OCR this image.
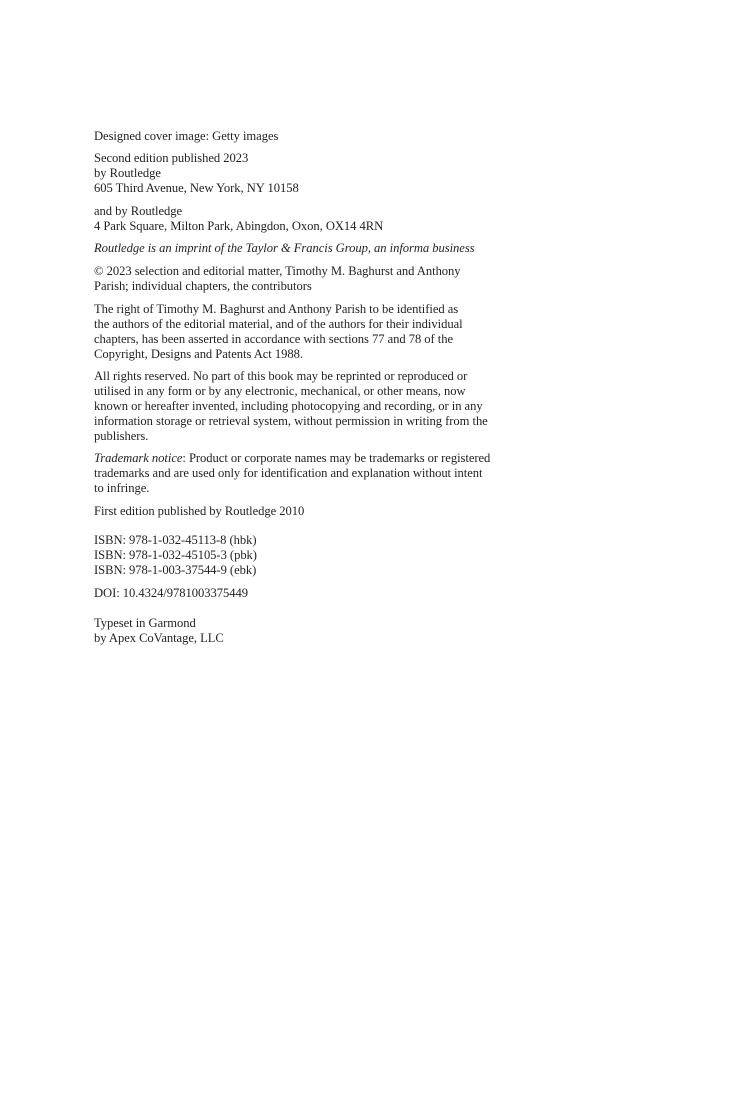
Designed cover image: Getty images
Second edition published 2023
by Routledge
605 Third Avenue, New York, NY 10158
and by Routledge
4 Park Square, Milton Park, Abingdon, Oxon, OX14 4RN
Routledge is an imprint of the Taylor & Francis Group, an informa business
© 2023 selection and editorial matter, Timothy M. Baghurst and Anthony
Parish; individual chapters, the contributors
The right of Timothy M. Baghurst and Anthony Parish to be identified as
the authors of the editorial material, and of the authors for their individual
chapters, has been asserted in accordance with sections 77 and 78 of the
Copyright, Designs and Patents Act 1988.
All rights reserved. No part of this book may be reprinted or reproduced or
utilised in any form or by any electronic, mechanical, or other means, now
known or hereafter invented, including photocopying and recording, or in any
information storage or retrieval system, without permission in writing from the
publishers.
Trademark notice: Product or corporate names may be trademarks or registered
trademarks and are used only for identification and explanation without intent
to infringe.
First edition published by Routledge 2010
ISBN: 978-1-032-45113-8 (hbk)
ISBN: 978-1-032-45105-3 (pbk)
ISBN: 978-1-003-37544-9 (ebk)
DOI: 10.4324/9781003375449
Typeset in Garmond
by Apex CoVantage, LLC
